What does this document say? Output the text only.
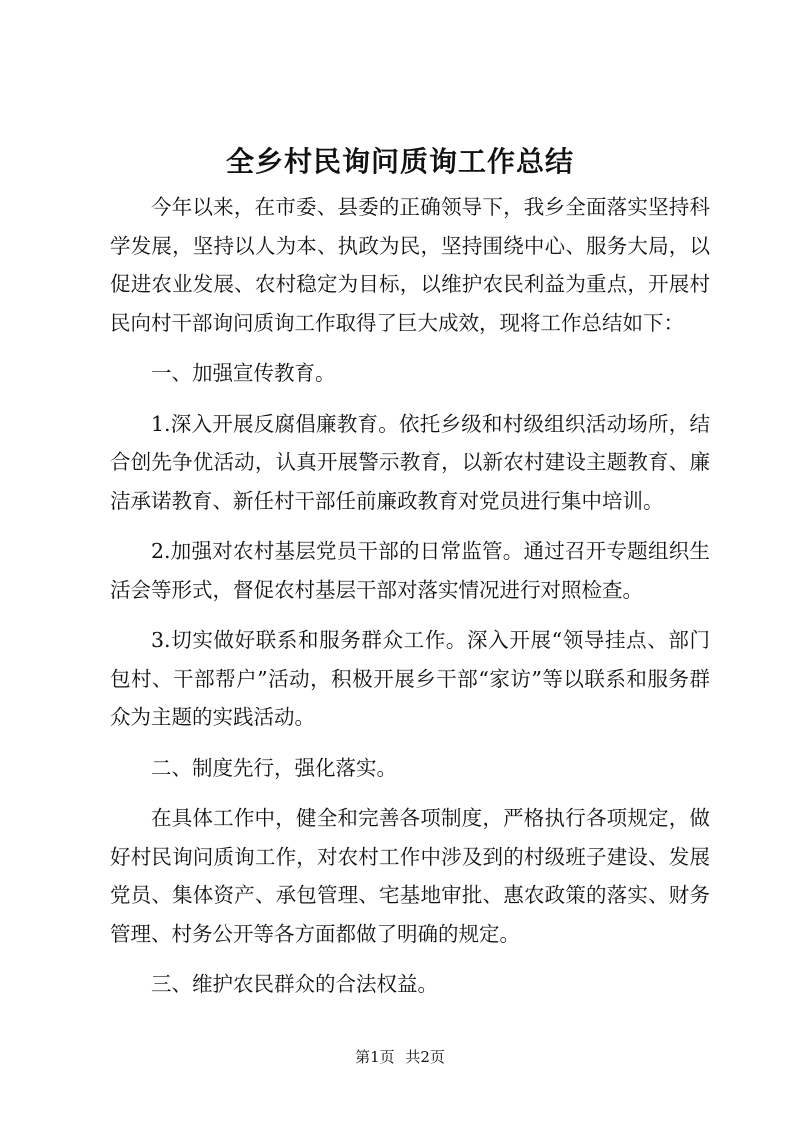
全乡村民询问质询工作总结

今年以来，在市委、县委的正确领导下，我乡全面落实坚持科学发展，坚持以人为本、执政为民，坚持围绕中心、服务大局，以促进农业发展、农村稳定为目标，以维护农民利益为重点，开展村民向村干部询问质询工作取得了巨大成效，现将工作总结如下：

一、加强宣传教育。

1.深入开展反腐倡廉教育。依托乡级和村级组织活动场所，结合创先争优活动，认真开展警示教育，以新农村建设主题教育、廉洁承诺教育、新任村干部任前廉政教育对党员进行集中培训。

2.加强对农村基层党员干部的日常监管。通过召开专题组织生活会等形式，督促农村基层干部对落实情况进行对照检查。

3.切实做好联系和服务群众工作。深入开展“领导挂点、部门包村、干部帮户”活动，积极开展乡干部“家访”等以联系和服务群众为主题的实践活动。

二、制度先行，强化落实。

在具体工作中，健全和完善各项制度，严格执行各项规定，做好村民询问质询工作，对农村工作中涉及到的村级班子建设、发展党员、集体资产、承包管理、宅基地审批、惠农政策的落实、财务管理、村务公开等各方面都做了明确的规定。

三、维护农民群众的合法权益。

第1页 共2页
